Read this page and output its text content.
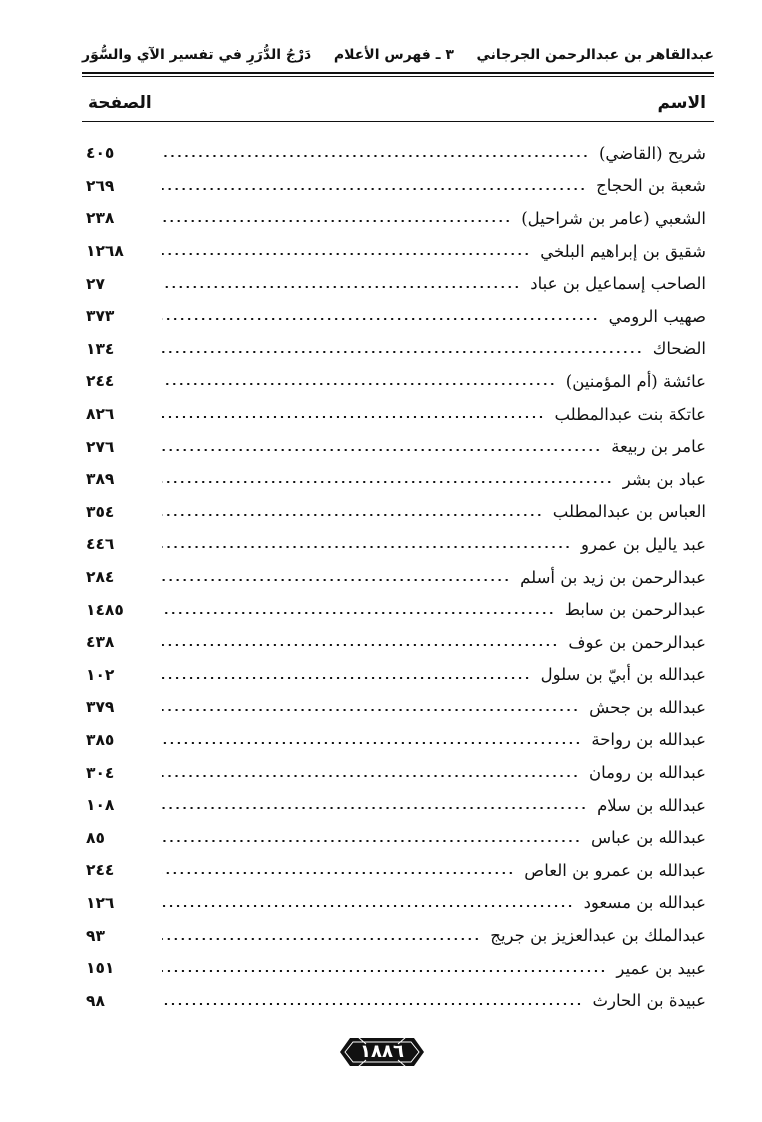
عبدالقاهر بن عبدالرحمن الجرجاني
٣ ـ فهرس الأعلام
دَرْجُ الدُّرَرِ في تفسير الآي والسُّوَر
الاسم
الصفحة
شريح (القاضي)
٤٠٥
شعبة بن الحجاج
٢٦٩
الشعبي (عامر بن شراحيل)
٢٣٨
شقيق بن إبراهيم البلخي
١٢٦٨
الصاحب إسماعيل بن عباد
٢٧
صهيب الرومي
٣٧٣
الضحاك
١٣٤
عائشة (أم المؤمنين)
٢٤٤
عاتكة بنت عبدالمطلب
٨٢٦
عامر بن ربيعة
٢٧٦
عباد بن بشر
٣٨٩
العباس بن عبدالمطلب
٣٥٤
عبد ياليل بن عمرو
٤٤٦
عبدالرحمن بن زيد بن أسلم
٢٨٤
عبدالرحمن بن سابط
١٤٨٥
عبدالرحمن بن عوف
٤٣٨
عبدالله بن أبيّ بن سلول
١٠٢
عبدالله بن جحش
٣٧٩
عبدالله بن رواحة
٣٨٥
عبدالله بن رومان
٣٠٤
عبدالله بن سلام
١٠٨
عبدالله بن عباس
٨٥
عبدالله بن عمرو بن العاص
٢٤٤
عبدالله بن مسعود
١٢٦
عبدالملك بن عبدالعزيز بن جريج
٩٣
عبيد بن عمير
١٥١
عبيدة بن الحارث
٩٨
١٨٨٦
